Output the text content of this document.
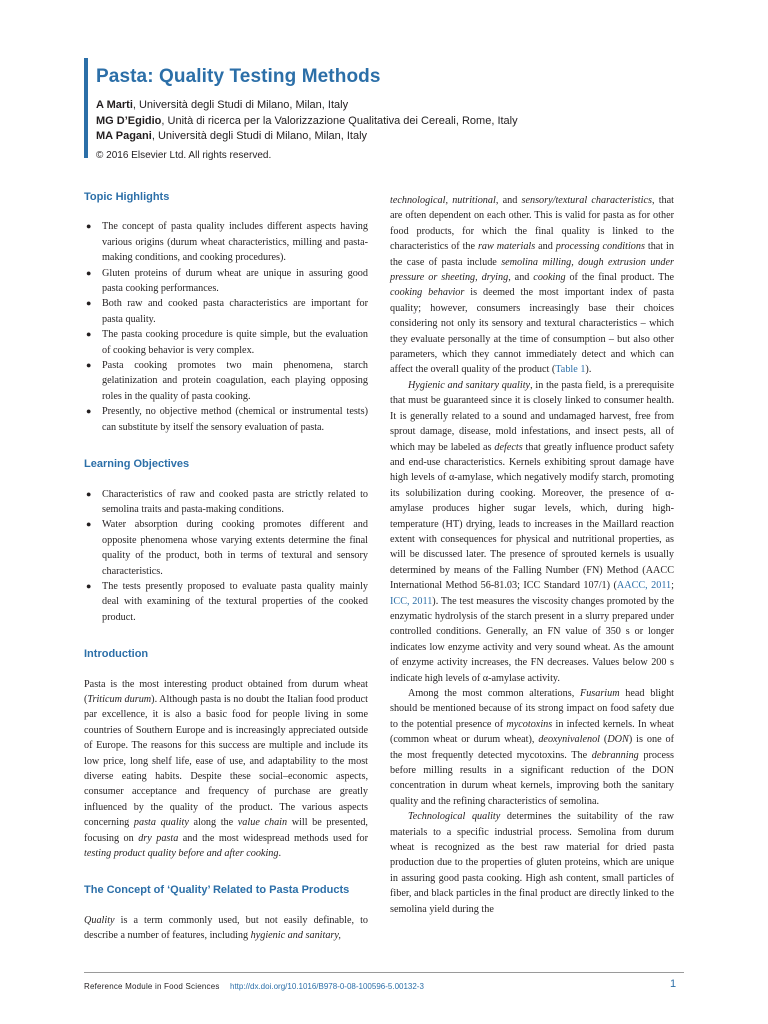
Pasta: Quality Testing Methods
A Marti, Università degli Studi di Milano, Milan, Italy
MG D’Egidio, Unità di ricerca per la Valorizzazione Qualitativa dei Cereali, Rome, Italy
MA Pagani, Università degli Studi di Milano, Milan, Italy
© 2016 Elsevier Ltd. All rights reserved.
Topic Highlights
● The concept of pasta quality includes different aspects having various origins (durum wheat characteristics, milling and pasta-making conditions, and cooking procedures).
● Gluten proteins of durum wheat are unique in assuring good pasta cooking performances.
● Both raw and cooked pasta characteristics are important for pasta quality.
● The pasta cooking procedure is quite simple, but the evaluation of cooking behavior is very complex.
● Pasta cooking promotes two main phenomena, starch gelatinization and protein coagulation, each playing opposing roles in the quality of pasta cooking.
● Presently, no objective method (chemical or instrumental tests) can substitute by itself the sensory evaluation of pasta.
Learning Objectives
● Characteristics of raw and cooked pasta are strictly related to semolina traits and pasta-making conditions.
● Water absorption during cooking promotes different and opposite phenomena whose varying extents determine the final quality of the product, both in terms of textural and sensory characteristics.
● The tests presently proposed to evaluate pasta quality mainly deal with examining of the textural properties of the cooked product.
Introduction

Pasta is the most interesting product obtained from durum wheat (Triticum durum). Although pasta is no doubt the Italian food product par excellence, it is also a basic food for people living in some countries of Southern Europe and is increasingly appreciated outside of Europe. The reasons for this success are multiple and include its low price, long shelf life, ease of use, and adaptability to the most diverse eating habits. Despite these social–economic aspects, consumer acceptance and frequency of purchase are greatly influenced by the quality of the product. The various aspects concerning pasta quality along the value chain will be presented, focusing on dry pasta and the most widespread methods used for testing product quality before and after cooking.

The Concept of ‘Quality’ Related to Pasta Products

Quality is a term commonly used, but not easily definable, to describe a number of features, including hygienic and sanitary,

technological, nutritional, and sensory/textural characteristics, that are often dependent on each other. This is valid for pasta as for other food products, for which the final quality is linked to the characteristics of the raw materials and processing conditions that in the case of pasta include semolina milling, dough extrusion under pressure or sheeting, drying, and cooking of the final product. The cooking behavior is deemed the most important index of pasta quality; however, consumers increasingly base their choices considering not only its sensory and textural characteristics – which they evaluate personally at the time of consumption – but also other parameters, which they cannot immediately detect and which can affect the overall quality of the product (Table 1).

Hygienic and sanitary quality, in the pasta field, is a prerequisite that must be guaranteed since it is closely linked to consumer health. It is generally related to a sound and undamaged harvest, free from sprout damage, disease, mold infestations, and insect pests, all of which may be labeled as defects that greatly influence product safety and end-use characteristics. Kernels exhibiting sprout damage have high levels of α-amylase, which negatively modify starch, promoting its solubilization during cooking. Moreover, the presence of α-amylase produces higher sugar levels, which, during high-temperature (HT) drying, leads to increases in the Maillard reaction extent with consequences for physical and nutritional properties, as will be discussed later. The presence of sprouted kernels is usually determined by means of the Falling Number (FN) Method (AACC International Method 56-81.03; ICC Standard 107/1) (AACC, 2011; ICC, 2011). The test measures the viscosity changes promoted by the enzymatic hydrolysis of the starch present in a slurry prepared under controlled conditions. Generally, an FN value of 350 s or longer indicates low enzyme activity and very sound wheat. As the amount of enzyme activity increases, the FN decreases. Values below 200 s indicate high levels of α-amylase activity.

Among the most common alterations, Fusarium head blight should be mentioned because of its strong impact on food safety due to the potential presence of mycotoxins in infected kernels. In wheat (common wheat or durum wheat), deoxynivalenol (DON) is one of the most frequently detected mycotoxins. The debranning process before milling results in a significant reduction of the DON concentration in durum wheat kernels, improving both the sanitary quality and the refining characteristics of semolina.

Technological quality determines the suitability of the raw materials to a specific industrial process. Semolina from durum wheat is recognized as the best raw material for dried pasta production due to the properties of gluten proteins, which are unique in assuring good pasta cooking. High ash content, small particles of fiber, and black particles in the final product are directly linked to the semolina yield during the

Reference Module in Food Sciences http://dx.doi.org/10.1016/B978-0-08-100596-5.00132-3	1
